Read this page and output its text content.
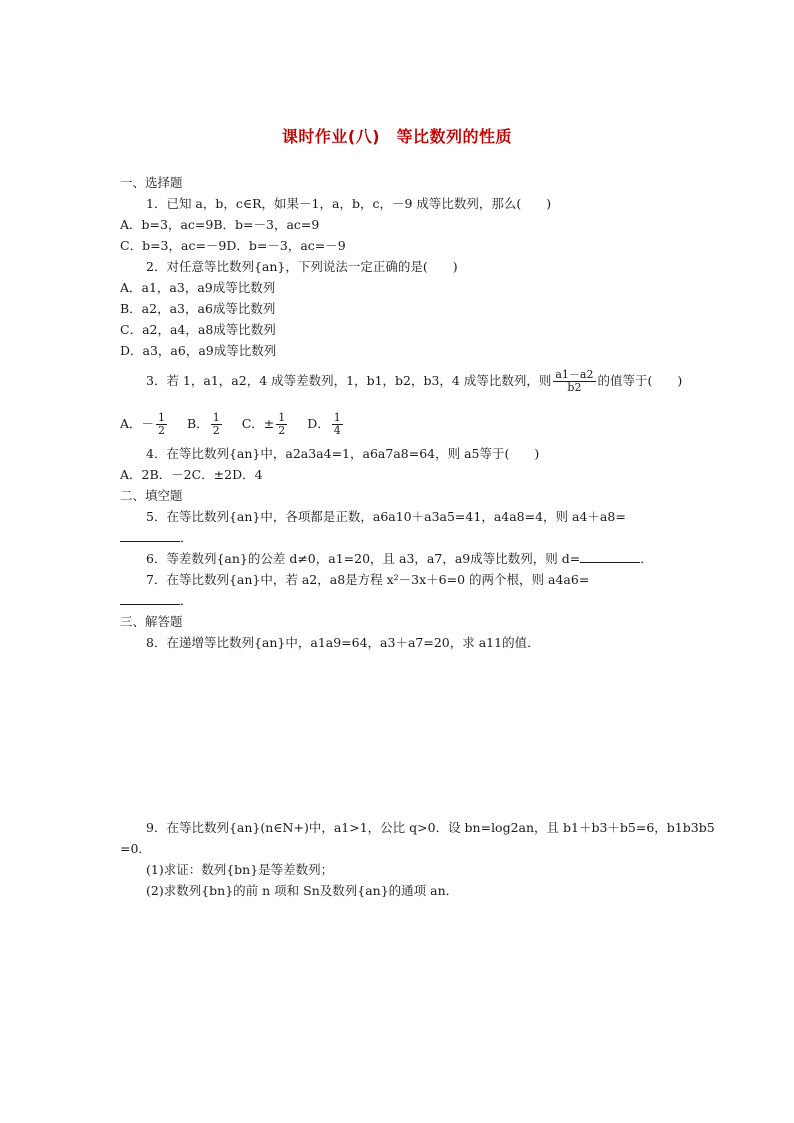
课时作业(八)　等比数列的性质
一、选择题
1．已知 a，b，c∈R，如果－1，a，b，c，－9 成等比数列，那么(　　)
A．b=3，ac=9B．b=－3，ac=9
C．b=3，ac=－9D．b=－3，ac=－9
2．对任意等比数列{an}，下列说法一定正确的是(　　)
A．a1，a3，a9成等比数列
B．a2，a3，a6成等比数列
C．a2，a4，a8成等比数列
D．a3，a6，a9成等比数列
3．若 1，a1，a2，4 成等差数列，1，b1，b2，b3，4 成等比数列，则 $\frac{a1-a2}{b2}$ 的值等于(　　)
A．－ $\frac{1}{2}$ B． $\frac{1}{2}$ C．± $\frac{1}{2}$ D． $\frac{1}{4}$
4．在等比数列{an}中，a2a3a4=1，a6a7a8=64，则 a5等于(　　)
A．2B．－2C．±2D．4
二、填空题
5．在等比数列{an}中，各项都是正数，a6a10＋a3a5=41，a4a8=4，则 a4＋a8=
．
6．等差数列{an}的公差 d≠0，a1=20，且 a3，a7，a9成等比数列，则 d=	．
7．在等比数列{an}中，若 a2，a8是方程 x²－3x＋6=0 的两个根，则 a4a6=
．
三、解答题
8．在递增等比数列{an}中，a1a9=64，a3＋a7=20，求 a11的值．
9．在等比数列{an}(n∈N+)中，a1>1，公比 q>0．设 bn=log2an，且 b1＋b3＋b5=6，b1b3b5
=0．
(1)求证：数列{bn}是等差数列；
(2)求数列{bn}的前 n 项和 Sn及数列{an}的通项 an．
